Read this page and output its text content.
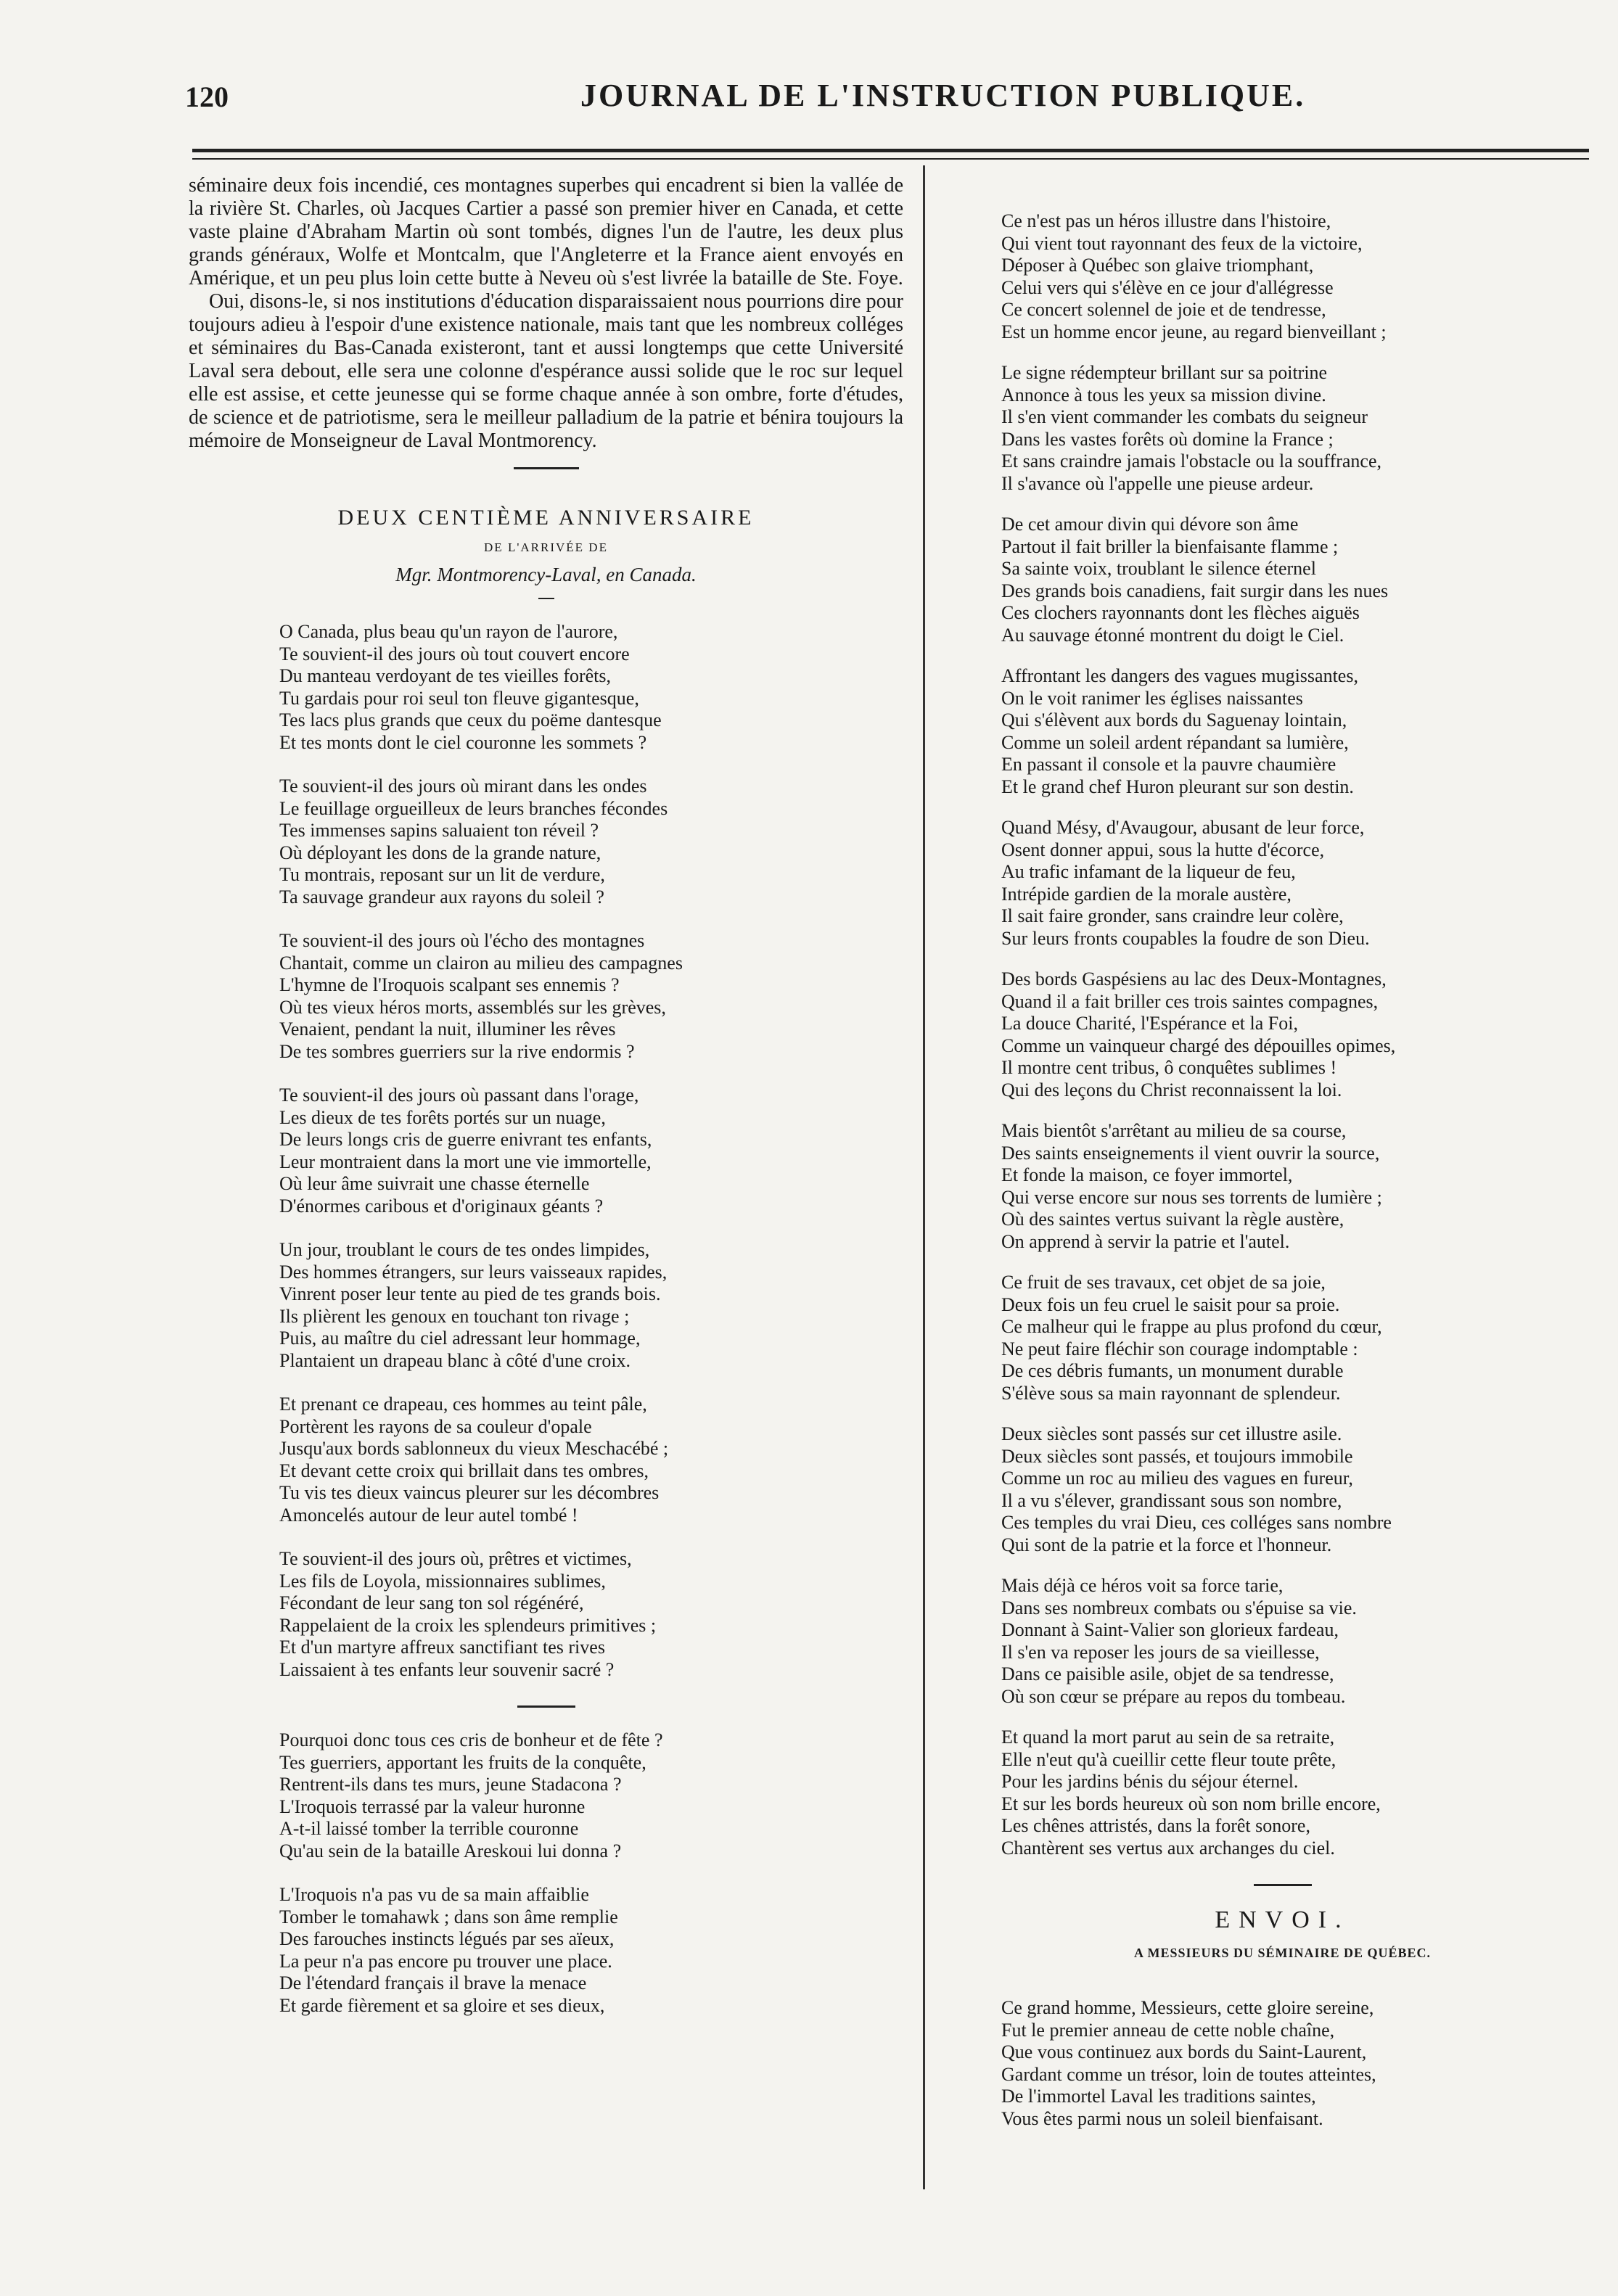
120	JOURNAL DE L'INSTRUCTION PUBLIQUE.

séminaire deux fois incendié, ces montagnes superbes qui encadrent si bien la vallée de la rivière St. Charles, où Jacques Cartier a passé son premier hiver en Canada, et cette vaste plaine d'Abraham Martin où sont tombés, dignes l'un de l'autre, les deux plus grands généraux, Wolfe et Montcalm, que l'Angleterre et la France aient envoyés en Amérique, et un peu plus loin cette butte à Neveu où s'est livrée la bataille de Ste. Foye.

Oui, disons-le, si nos institutions d'éducation disparaissaient nous pourrions dire pour toujours adieu à l'espoir d'une existence nationale, mais tant que les nombreux colléges et séminaires du Bas-Canada existeront, tant et aussi longtemps que cette Université Laval sera debout, elle sera une colonne d'espérance aussi solide que le roc sur lequel elle est assise, et cette jeunesse qui se forme chaque année à son ombre, forte d'études, de science et de patriotisme, sera le meilleur palladium de la patrie et bénira toujours la mémoire de Monseigneur de Laval Montmorency.

DEUX CENTIÈME ANNIVERSAIRE
DE L'ARRIVÉE DE
Mgr. Montmorency-Laval, en Canada.
O Canada, plus beau qu'un rayon de l'aurore,
Te souvient-il des jours où tout couvert encore
Du manteau verdoyant de tes vieilles forêts,
Tu gardais pour roi seul ton fleuve gigantesque,
Tes lacs plus grands que ceux du poëme dantesque
Et tes monts dont le ciel couronne les sommets ?
Te souvient-il des jours où mirant dans les ondes
Le feuillage orgueilleux de leurs branches fécondes
Tes immenses sapins saluaient ton réveil ?
Où déployant les dons de la grande nature,
Tu montrais, reposant sur un lit de verdure,
Ta sauvage grandeur aux rayons du soleil ?
Te souvient-il des jours où l'écho des montagnes
Chantait, comme un clairon au milieu des campagnes
L'hymne de l'Iroquois scalpant ses ennemis ?
Où tes vieux héros morts, assemblés sur les grèves,
Venaient, pendant la nuit, illuminer les rêves
De tes sombres guerriers sur la rive endormis ?
Te souvient-il des jours où passant dans l'orage,
Les dieux de tes forêts portés sur un nuage,
De leurs longs cris de guerre enivrant tes enfants,
Leur montraient dans la mort une vie immortelle,
Où leur âme suivrait une chasse éternelle
D'énormes caribous et d'originaux géants ?
Un jour, troublant le cours de tes ondes limpides,
Des hommes étrangers, sur leurs vaisseaux rapides,
Vinrent poser leur tente au pied de tes grands bois.
Ils plièrent les genoux en touchant ton rivage ;
Puis, au maître du ciel adressant leur hommage,
Plantaient un drapeau blanc à côté d'une croix.
Et prenant ce drapeau, ces hommes au teint pâle,
Portèrent les rayons de sa couleur d'opale
Jusqu'aux bords sablonneux du vieux Meschacébé ;
Et devant cette croix qui brillait dans tes ombres,
Tu vis tes dieux vaincus pleurer sur les décombres
Amoncelés autour de leur autel tombé !
Te souvient-il des jours où, prêtres et victimes,
Les fils de Loyola, missionnaires sublimes,
Fécondant de leur sang ton sol régénéré,
Rappelaient de la croix les splendeurs primitives ;
Et d'un martyre affreux sanctifiant tes rives
Laissaient à tes enfants leur souvenir sacré ?
Pourquoi donc tous ces cris de bonheur et de fête ?
Tes guerriers, apportant les fruits de la conquête,
Rentrent-ils dans tes murs, jeune Stadacona ?
L'Iroquois terrassé par la valeur huronne
A-t-il laissé tomber la terrible couronne
Qu'au sein de la bataille Areskoui lui donna ?
L'Iroquois n'a pas vu de sa main affaiblie
Tomber le tomahawk ; dans son âme remplie
Des farouches instincts légués par ses aïeux,
La peur n'a pas encore pu trouver une place.
De l'étendard français il brave la menace
Et garde fièrement et sa gloire et ses dieux,
Ce n'est pas un héros illustre dans l'histoire,
Qui vient tout rayonnant des feux de la victoire,
Déposer à Québec son glaive triomphant,
Celui vers qui s'élève en ce jour d'allégresse
Ce concert solennel de joie et de tendresse,
Est un homme encor jeune, au regard bienveillant ;
Le signe rédempteur brillant sur sa poitrine
Annonce à tous les yeux sa mission divine.
Il s'en vient commander les combats du seigneur
Dans les vastes forêts où domine la France ;
Et sans craindre jamais l'obstacle ou la souffrance,
Il s'avance où l'appelle une pieuse ardeur.
De cet amour divin qui dévore son âme
Partout il fait briller la bienfaisante flamme ;
Sa sainte voix, troublant le silence éternel
Des grands bois canadiens, fait surgir dans les nues
Ces clochers rayonnants dont les flèches aiguës
Au sauvage étonné montrent du doigt le Ciel.
Affrontant les dangers des vagues mugissantes,
On le voit ranimer les églises naissantes
Qui s'élèvent aux bords du Saguenay lointain,
Comme un soleil ardent répandant sa lumière,
En passant il console et la pauvre chaumière
Et le grand chef Huron pleurant sur son destin.
Quand Mésy, d'Avaugour, abusant de leur force,
Osent donner appui, sous la hutte d'écorce,
Au trafic infamant de la liqueur de feu,
Intrépide gardien de la morale austère,
Il sait faire gronder, sans craindre leur colère,
Sur leurs fronts coupables la foudre de son Dieu.
Des bords Gaspésiens au lac des Deux-Montagnes,
Quand il a fait briller ces trois saintes compagnes,
La douce Charité, l'Espérance et la Foi,
Comme un vainqueur chargé des dépouilles opimes,
Il montre cent tribus, ô conquêtes sublimes !
Qui des leçons du Christ reconnaissent la loi.
Mais bientôt s'arrêtant au milieu de sa course,
Des saints enseignements il vient ouvrir la source,
Et fonde la maison, ce foyer immortel,
Qui verse encore sur nous ses torrents de lumière ;
Où des saintes vertus suivant la règle austère,
On apprend à servir la patrie et l'autel.
Ce fruit de ses travaux, cet objet de sa joie,
Deux fois un feu cruel le saisit pour sa proie.
Ce malheur qui le frappe au plus profond du cœur,
Ne peut faire fléchir son courage indomptable :
De ces débris fumants, un monument durable
S'élève sous sa main rayonnant de splendeur.
Deux siècles sont passés sur cet illustre asile.
Deux siècles sont passés, et toujours immobile
Comme un roc au milieu des vagues en fureur,
Il a vu s'élever, grandissant sous son nombre,
Ces temples du vrai Dieu, ces colléges sans nombre
Qui sont de la patrie et la force et l'honneur.
Mais déjà ce héros voit sa force tarie,
Dans ses nombreux combats ou s'épuise sa vie.
Donnant à Saint-Valier son glorieux fardeau,
Il s'en va reposer les jours de sa vieillesse,
Dans ce paisible asile, objet de sa tendresse,
Où son cœur se prépare au repos du tombeau.
Et quand la mort parut au sein de sa retraite,
Elle n'eut qu'à cueillir cette fleur toute prête,
Pour les jardins bénis du séjour éternel.
Et sur les bords heureux où son nom brille encore,
Les chênes attristés, dans la forêt sonore,
Chantèrent ses vertus aux archanges du ciel.
ENVOI.
A MESSIEURS DU SÉMINAIRE DE QUÉBEC.
Ce grand homme, Messieurs, cette gloire sereine,
Fut le premier anneau de cette noble chaîne,
Que vous continuez aux bords du Saint-Laurent,
Gardant comme un trésor, loin de toutes atteintes,
De l'immortel Laval les traditions saintes,
Vous êtes parmi nous un soleil bienfaisant.
